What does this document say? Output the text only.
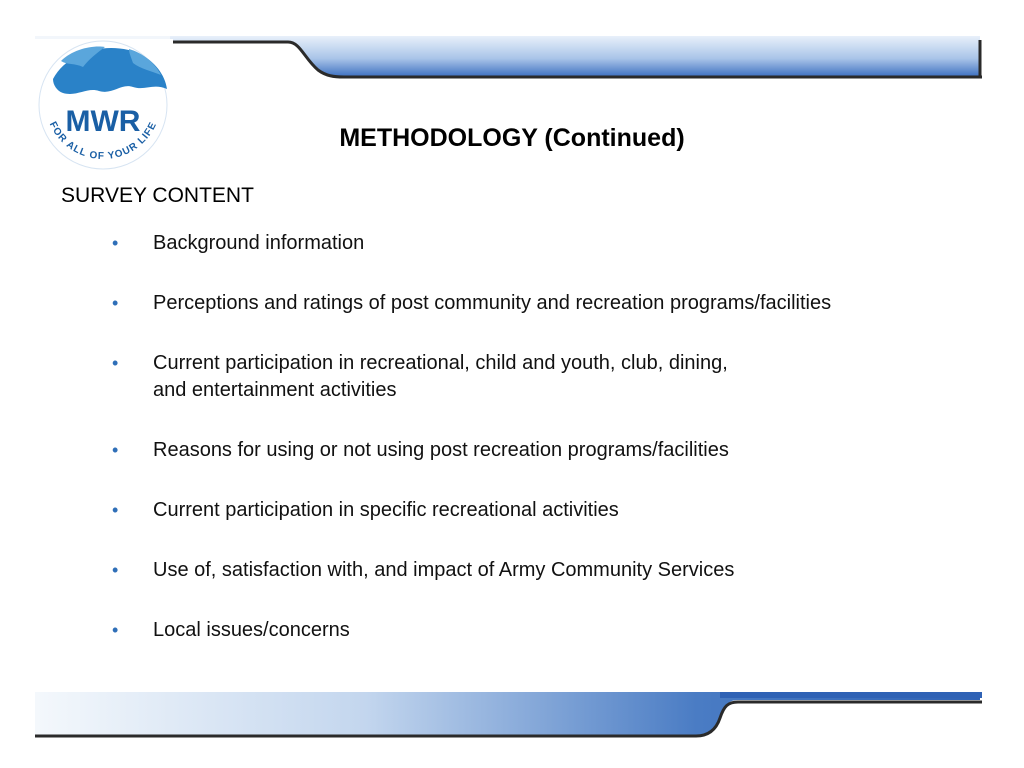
MWR
FOR ALL OF YOUR LIFE	METHODOLOGY (Continued)
SURVEY CONTENT
• Background information
• Perceptions and ratings of post community and recreation programs/facilities
• Current participation in recreational, child and youth, club, dining,
and entertainment activities
• Reasons for using or not using post recreation programs/facilities
• Current participation in specific recreational activities
• Use of, satisfaction with, and impact of Army Community Services
• Local issues/concerns
